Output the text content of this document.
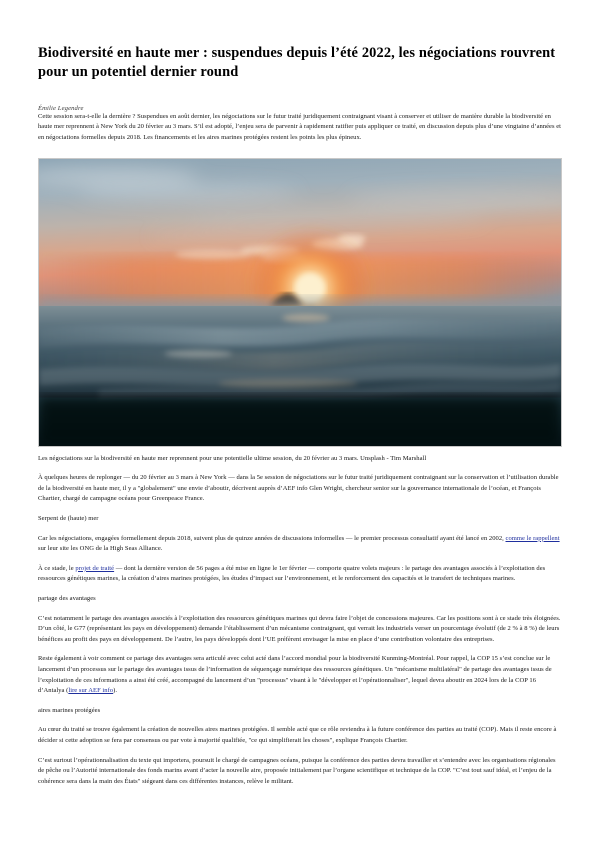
Biodiversité en haute mer : suspendues depuis l’été 2022, les négociations rouvrent pour un potentiel dernier round
Émilie Legendre

Cette session sera-t-elle la dernière ? Suspendues en août dernier, les négociations sur le futur traité juridiquement contraignant visant à conserver et utiliser de manière durable la biodiversité en haute mer reprennent à New York du 20 février au 3 mars. S’il est adopté, l’enjeu sera de parvenir à rapidement ratifier puis appliquer ce traité, en discussion depuis plus d’une vingtaine d’années et en négociations formelles depuis 2018. Les financements et les aires marines protégées restent les points les plus épineux.

Les négociations sur la biodiversité en haute mer reprennent pour une potentielle ultime session, du 20 février au 3 mars. Unsplash - Tim Marshall

À quelques heures de replonger — du 20 février au 3 mars à New York — dans la 5e session de négociations sur le futur traité juridiquement contraignant sur la conservation et l’utilisation durable de la biodiversité en haute mer, il y a "globalement" une envie d’aboutir, décrivent auprès d’AEF info Glen Wright, chercheur senior sur la gouvernance internationale de l’océan, et François Chartier, chargé de campagne océans pour Greenpeace France.

Serpent de (haute) mer

Car les négociations, engagées formellement depuis 2018, suivent plus de quinze années de discussions informelles — le premier processus consultatif ayant été lancé en 2002, comme le rappellent sur leur site les ONG de la High Seas Alliance.

À ce stade, le projet de traité — dont la dernière version de 56 pages a été mise en ligne le 1er février — comporte quatre volets majeurs : le partage des avantages associés à l’exploitation des ressources génétiques marines, la création d’aires marines protégées, les études d’impact sur l’environnement, et le renforcement des capacités et le transfert de techniques marines.

partage des avantages

C’est notamment le partage des avantages associés à l’exploitation des ressources génétiques marines qui devra faire l’objet de concessions majeures. Car les positions sont à ce stade très éloignées. D’un côté, le G77 (représentant les pays en développement) demande l’établissement d’un mécanisme contraignant, qui verrait les industriels verser un pourcentage évolutif (de 2 % à 8 %) de leurs bénéfices au profit des pays en développement. De l’autre, les pays développés dont l’UE préfèrent envisager la mise en place d’une contribution volontaire des entreprises.

Reste également à voir comment ce partage des avantages sera articulé avec celui acté dans l’accord mondial pour la biodiversité Kunming-Montréal. Pour rappel, la COP 15 s’est conclue sur le lancement d’un processus sur le partage des avantages issus de l’information de séquençage numérique des ressources génétiques. Un "mécanisme multilatéral" de partage des avantages issus de l’exploitation de ces informations a ainsi été créé, accompagné du lancement d’un "processus" visant à le "développer et l’opérationnaliser", lequel devra aboutir en 2024 lors de la COP 16 d’Antalya (lire sur AEF info).

aires marines protégées

Au cœur du traité se trouve également la création de nouvelles aires marines protégées. Il semble acté que ce rôle reviendra à la future conférence des parties au traité (COP). Mais il reste encore à décider si cette adoption se fera par consensus ou par vote à majorité qualifiée, "ce qui simplifierait les choses", explique François Chartier.

C’est surtout l’opérationnalisation du texte qui importera, poursuit le chargé de campagnes océans, puisque la conférence des parties devra travailler et s’entendre avec les organisations régionales de pêche ou l’Autorité internationale des fonds marins avant d’acter la nouvelle aire, proposée initialement par l’organe scientifique et technique de la COP. "C’est tout sauf idéal, et l’enjeu de la cohérence sera dans la main des États" siégeant dans ces différentes instances, relève le militant.
